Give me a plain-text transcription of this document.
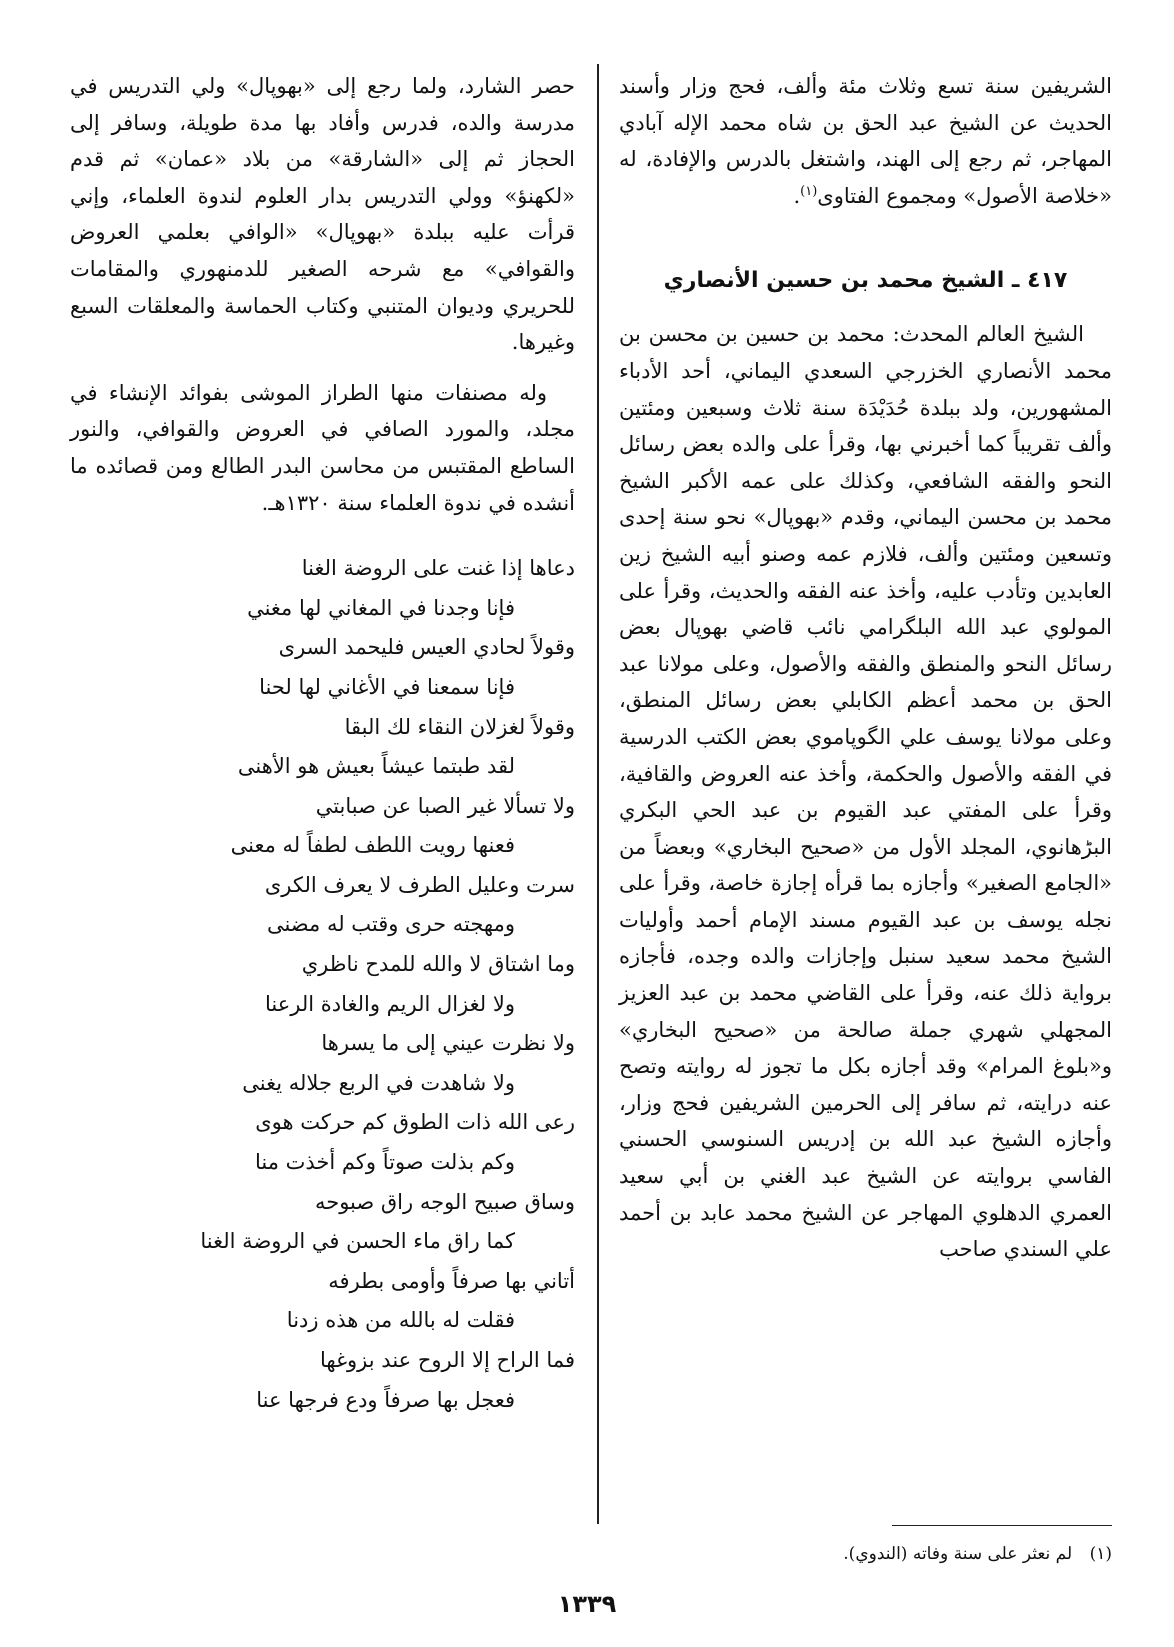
الشريفين سنة تسع وثلاث مئة وألف، فحج وزار وأسند الحديث عن الشيخ عبد الحق بن شاه محمد الإله آبادي المهاجر، ثم رجع إلى الهند، واشتغل بالدرس والإفادة، له «خلاصة الأصول» ومجموع الفتاوى$^{(١)}$.

٤١٧ ـ الشيخ محمد بن حسين الأنصاري

الشيخ العالم المحدث: محمد بن حسين بن محسن بن محمد الأنصاري الخزرجي السعدي اليماني، أحد الأدباء المشهورين، ولد ببلدة حُدَيْدَة سنة ثلاث وسبعين ومئتين وألف تقريباً كما أخبرني بها، وقرأ على والده بعض رسائل النحو والفقه الشافعي، وكذلك على عمه الأكبر الشيخ محمد بن محسن اليماني، وقدم «بهوپال» نحو سنة إحدى وتسعين ومئتين وألف، فلازم عمه وصنو أبيه الشيخ زين العابدين وتأدب عليه، وأخذ عنه الفقه والحديث، وقرأ على المولوي عبد الله البلگرامي نائب قاضي بهوپال بعض رسائل النحو والمنطق والفقه والأصول، وعلى مولانا عبد الحق بن محمد أعظم الكابلي بعض رسائل المنطق، وعلى مولانا يوسف علي الگوپاموي بعض الكتب الدرسية في الفقه والأصول والحكمة، وأخذ عنه العروض والقافية، وقرأ على المفتي عبد القيوم بن عبد الحي البكري البڑهانوي، المجلد الأول من «صحيح البخاري» وبعضاً من «الجامع الصغير» وأجازه بما قرأه إجازة خاصة، وقرأ على نجله يوسف بن عبد القيوم مسند الإمام أحمد وأوليات الشيخ محمد سعيد سنبل وإجازات والده وجده، فأجازه برواية ذلك عنه، وقرأ على القاضي محمد بن عبد العزيز المجهلي شهري جملة صالحة من «صحيح البخاري» و«بلوغ المرام» وقد أجازه بكل ما تجوز له روايته وتصح عنه درايته، ثم سافر إلى الحرمين الشريفين فحج وزار، وأجازه الشيخ عبد الله بن إدريس السنوسي الحسني الفاسي بروايته عن الشيخ عبد الغني بن أبي سعيد العمري الدهلوي المهاجر عن الشيخ محمد عابد بن أحمد علي السندي صاحب

حصر الشارد، ولما رجع إلى «بهوپال» ولي التدريس في مدرسة والده، فدرس وأفاد بها مدة طويلة، وسافر إلى الحجاز ثم إلى «الشارقة» من بلاد «عمان» ثم قدم «لكهنؤ» وولي التدريس بدار العلوم لندوة العلماء، وإني قرأت عليه ببلدة «بهوپال» «الوافي بعلمي العروض والقوافي» مع شرحه الصغير للدمنهوري والمقامات للحريري وديوان المتنبي وكتاب الحماسة والمعلقات السبع وغيرها.

وله مصنفات منها الطراز الموشى بفوائد الإنشاء في مجلد، والمورد الصافي في العروض والقوافي، والنور الساطع المقتبس من محاسن البدر الطالع ومن قصائده ما أنشده في ندوة العلماء سنة ١٣٢٠هـ.

دعاها إذا غنت على الروضة الغنا
فإنا وجدنا في المغاني لها مغني
وقولاً لحادي العيس فليحمد السرى
فإنا سمعنا في الأغاني لها لحنا
وقولاً لغزلان النقاء لك البقا
لقد طبتما عيشاً بعيش هو الأهنى
ولا تسألا غير الصبا عن صبابتي
فعنها رويت اللطف لطفاً له معنى
سرت وعليل الطرف لا يعرف الكرى
ومهجته حرى وقتب له مضنى
وما اشتاق لا والله للمدح ناظري
ولا لغزال الريم والغادة الرعنا
ولا نظرت عيني إلى ما يسرها
ولا شاهدت في الربع جلاله يغنى
رعى الله ذات الطوق كم حركت هوى
وكم بذلت صوتاً وكم أخذت منا
وساق صبيح الوجه راق صبوحه
كما راق ماء الحسن في الروضة الغنا
أتاني بها صرفاً وأومى بطرفه
فقلت له بالله من هذه زدنا
فما الراح إلا الروح عند بزوغها
فعجل بها صرفاً ودع فرجها عنا
(١) لم نعثر على سنة وفاته (الندوي).
١٣٣٩
